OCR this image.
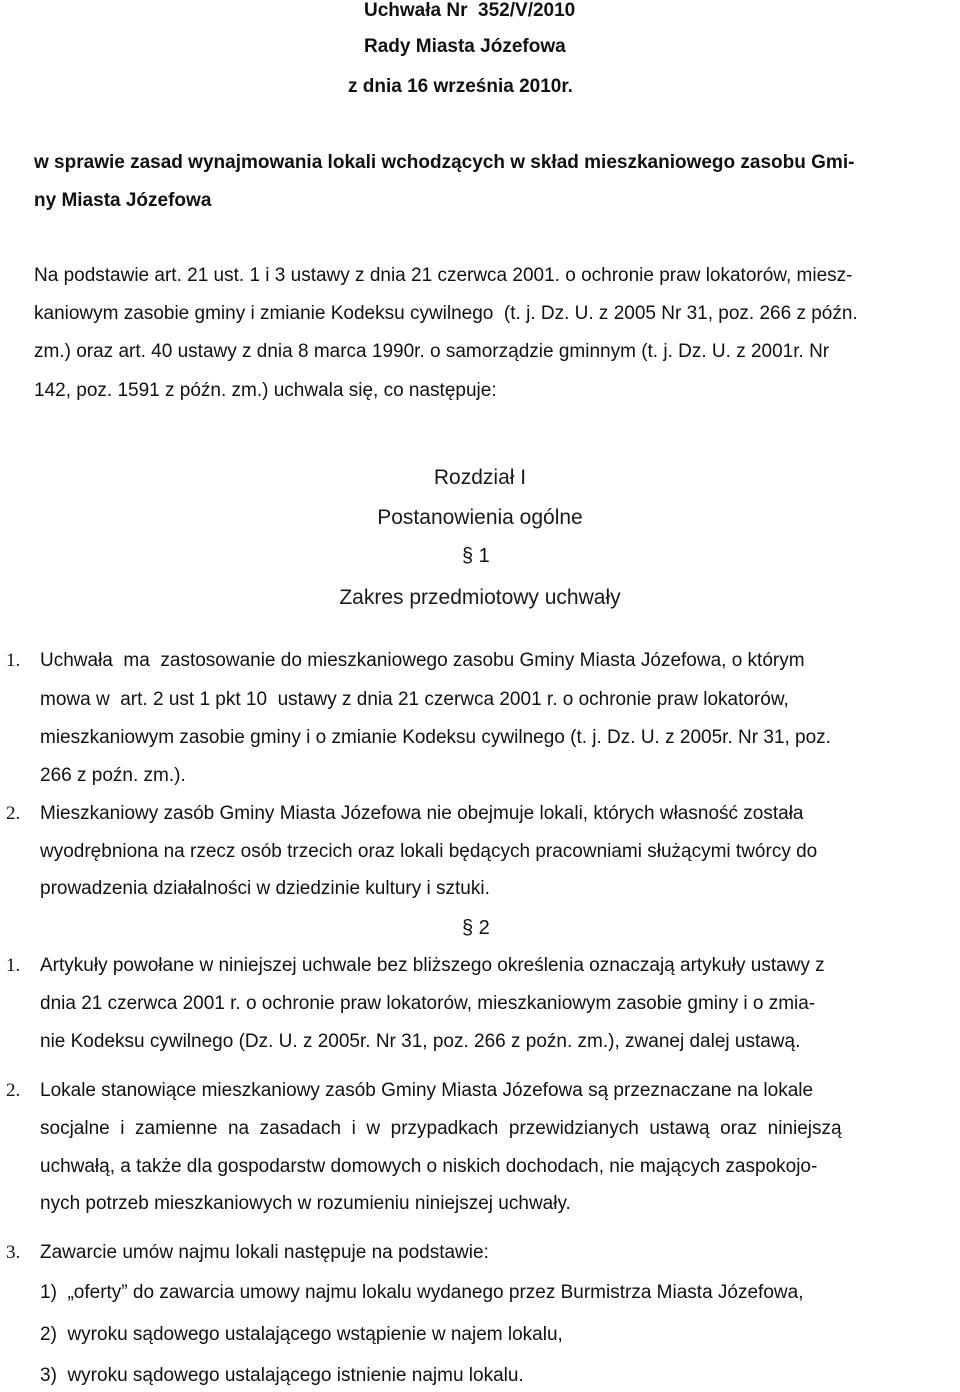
Uchwała Nr  352/V/2010
Rady Miasta Józefowa
z dnia 16 września 2010r.
w sprawie zasad wynajmowania lokali wchodzących w skład mieszkaniowego zasobu Gmi-
ny Miasta Józefowa
Na podstawie art. 21 ust. 1 i 3 ustawy z dnia 21 czerwca 2001. o ochronie praw lokatorów, miesz-
kaniowym zasobie gminy i zmianie Kodeksu cywilnego  (t. j. Dz. U. z 2005 Nr 31, poz. 266 z późn.
zm.) oraz art. 40 ustawy z dnia 8 marca 1990r. o samorządzie gminnym (t. j. Dz. U. z 2001r. Nr
142, poz. 1591 z późn. zm.) uchwala się, co następuje:
Rozdział I
Postanowienia ogólne
§ 1
Zakres przedmiotowy uchwały
1. Uchwała  ma  zastosowanie do mieszkaniowego zasobu Gminy Miasta Józefowa, o którym
mowa w  art. 2 ust 1 pkt 10  ustawy z dnia 21 czerwca 2001 r. o ochronie praw lokatorów,
mieszkaniowym zasobie gminy i o zmianie Kodeksu cywilnego (t. j. Dz. U. z 2005r. Nr 31, poz.
266 z poźn. zm.).
2. Mieszkaniowy zasób Gminy Miasta Józefowa nie obejmuje lokali, których własność została
wyodrębniona na rzecz osób trzecich oraz lokali będących pracowniami służącymi twórcy do
prowadzenia działalności w dziedzinie kultury i sztuki.
§ 2
1. Artykuły powołane w niniejszej uchwale bez bliższego określenia oznaczają artykuły ustawy z
dnia 21 czerwca 2001 r. o ochronie praw lokatorów, mieszkaniowym zasobie gminy i o zmia-
nie Kodeksu cywilnego (Dz. U. z 2005r. Nr 31, poz. 266 z poźn. zm.), zwanej dalej ustawą.
2. Lokale stanowiące mieszkaniowy zasób Gminy Miasta Józefowa są przeznaczane na lokale
socjalne  i  zamienne  na  zasadach  i  w  przypadkach  przewidzianych  ustawą  oraz  niniejszą
uchwałą, a także dla gospodarstw domowych o niskich dochodach, nie mających zaspokojo-
nych potrzeb mieszkaniowych w rozumieniu niniejszej uchwały.
3. Zawarcie umów najmu lokali następuje na podstawie:
1)  „oferty” do zawarcia umowy najmu lokalu wydanego przez Burmistrza Miasta Józefowa,
2)  wyroku sądowego ustalającego wstąpienie w najem lokalu,
3)  wyroku sądowego ustalającego istnienie najmu lokalu.
